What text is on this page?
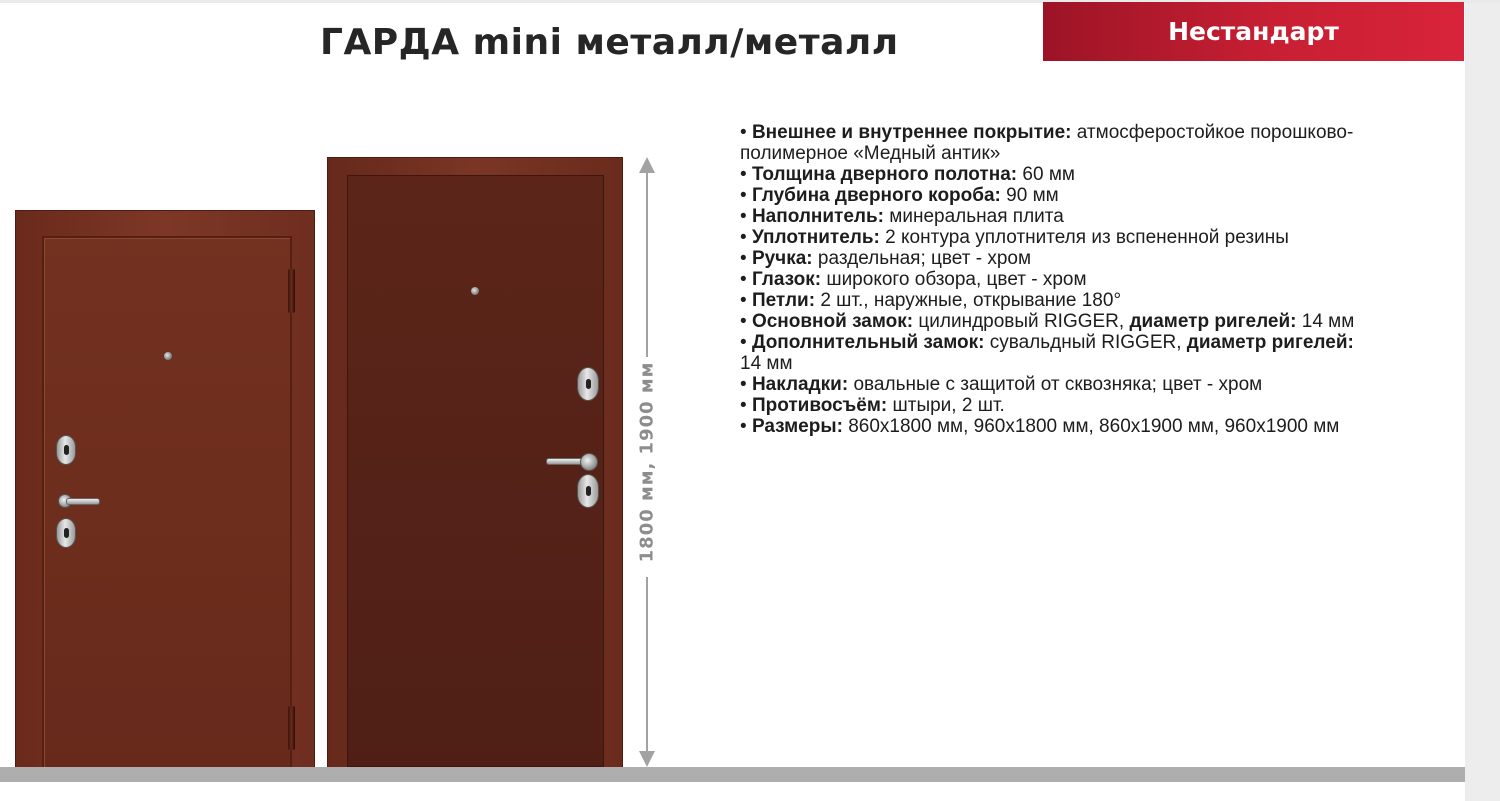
ГАРДА mini металл/металл	Нестандарт
1800 мм, 1900 мм

• Внешнее и внутреннее покрытие: атмосферостойкое порошково-полимерное «Медный антик»

• Толщина дверного полотна: 60 мм

• Глубина дверного короба: 90 мм

• Наполнитель: минеральная плита

• Уплотнитель: 2 контура уплотнителя из вспененной резины

• Ручка: раздельная; цвет - хром

• Глазок: широкого обзора, цвет - хром

• Петли: 2 шт., наружные, открывание 180°

• Основной замок: цилиндровый RIGGER, диаметр ригелей: 14 мм

• Дополнительный замок: сувальдный RIGGER, диаметр ригелей: 14 мм

• Накладки: овальные с защитой от сквозняка; цвет - хром

• Противосъём: штыри, 2 шт.

• Размеры: 860х1800 мм, 960х1800 мм, 860х1900 мм, 960х1900 мм
